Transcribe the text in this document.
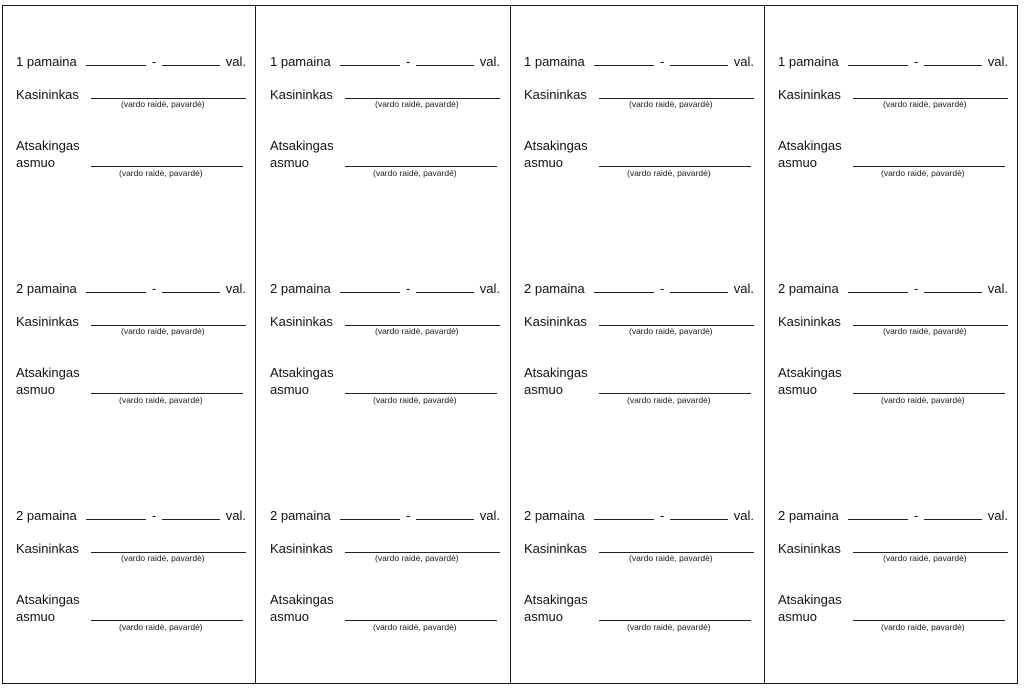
1 pamaina	-	val.
Kasininkas
(vardo raidė, pavardė)
Atsakingas
asmuo
(vardo raidė, pavardė)
2 pamaina	-	val.
Kasininkas
(vardo raidė, pavardė)
Atsakingas
asmuo
(vardo raidė, pavardė)
2 pamaina	-	val.
Kasininkas
(vardo raidė, pavardė)
Atsakingas
asmuo
(vardo raidė, pavardė)
1 pamaina	-	val.
Kasininkas
(vardo raidė, pavardė)
Atsakingas
asmuo
(vardo raidė, pavardė)
2 pamaina	-	val.
Kasininkas
(vardo raidė, pavardė)
Atsakingas
asmuo
(vardo raidė, pavardė)
2 pamaina	-	val.
Kasininkas
(vardo raidė, pavardė)
Atsakingas
asmuo
(vardo raidė, pavardė)
1 pamaina	-	val.
Kasininkas
(vardo raidė, pavardė)
Atsakingas
asmuo
(vardo raidė, pavardė)
2 pamaina	-	val.
Kasininkas
(vardo raidė, pavardė)
Atsakingas
asmuo
(vardo raidė, pavardė)
2 pamaina	-	val.
Kasininkas
(vardo raidė, pavardė)
Atsakingas
asmuo
(vardo raidė, pavardė)
1 pamaina	-	val.
Kasininkas
(vardo raidė, pavardė)
Atsakingas
asmuo
(vardo raidė, pavardė)
2 pamaina	-	val.
Kasininkas
(vardo raidė, pavardė)
Atsakingas
asmuo
(vardo raidė, pavardė)
2 pamaina	-	val.
Kasininkas
(vardo raidė, pavardė)
Atsakingas
asmuo
(vardo raidė, pavardė)
